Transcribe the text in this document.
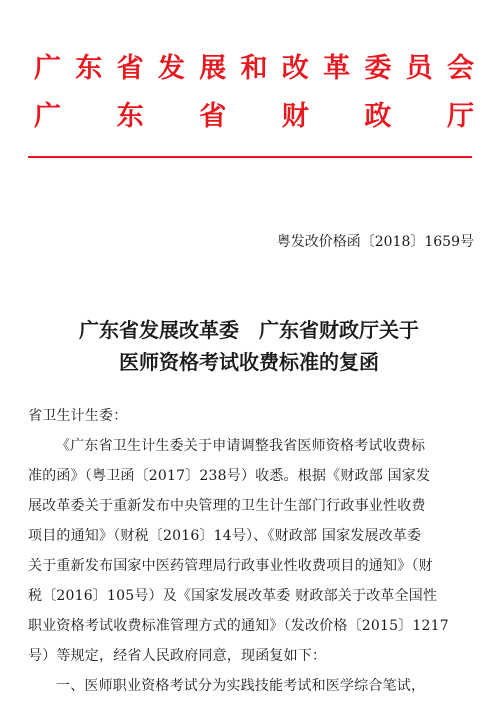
广 东 省 发 展 和 改 革 委 员 会
广 东 省 财 政 厅
粤发改价格函〔2018〕1659号
广东省发展改革委　广东省财政厅关于
医师资格考试收费标准的复函
省卫生计生委：
《广东省卫生计生委关于申请调整我省医师资格考试收费标
准的函》（粤卫函〔2017〕238号）收悉。根据《财政部 国家发
展改革委关于重新发布中央管理的卫生计生部门行政事业性收费
项目的通知》（财税〔2016〕14号）、《财政部 国家发展改革委
关于重新发布国家中医药管理局行政事业性收费项目的通知》（财
税〔2016〕105号）及《国家发展改革委 财政部关于改革全国性
职业资格考试收费标准管理方式的通知》（发改价格〔2015〕1217
号）等规定，经省人民政府同意，现函复如下：
一、医师职业资格考试分为实践技能考试和医学综合笔试，
